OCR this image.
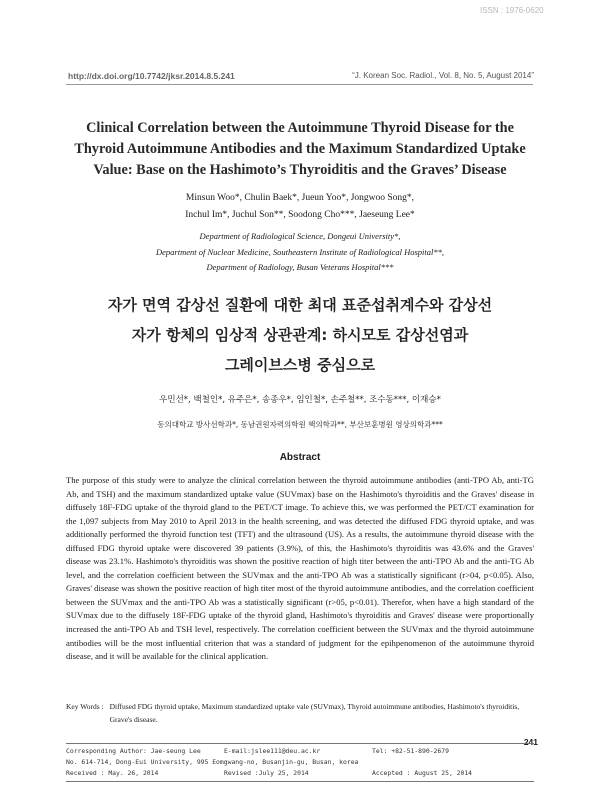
ISSN : 1976-0620
http://dx.doi.org/10.7742/jksr.2014.8.5.241	“J. Korean Soc. Radiol., Vol. 8, No. 5, August 2014”
Clinical Correlation between the Autoimmune Thyroid Disease for the Thyroid Autoimmune Antibodies and the Maximum Standardized Uptake Value: Base on the Hashimoto’s Thyroiditis and the Graves’ Disease
Minsun Woo*, Chulin Baek*, Jueun Yoo*, Jongwoo Song*,
Inchul Im*, Juchul Son**, Soodong Cho***, Jaeseung Lee*
Department of Radiological Science, Dongeui University*,
Department of Nuclear Medicine, Southeastern Institute of Radiological Hospital**,
Department of Radiology, Busan Veterans Hospital***
자가 면역 갑상선 질환에 대한 최대 표준섭취계수와 갑상선
자가 항체의 임상적 상관관계: 하시모토 갑상선염과
그레이브스병 중심으로
우민선*, 백철인*, 유주은*, 송종우*, 임인철*, 손주철**, 조수동***, 이재승*
동의대학교 방사선학과*, 동남권원자력의학원 핵의학과**, 부산보훈병원 영상의학과***
Abstract

The purpose of this study were to analyze the clinical correlation between the thyroid autoimmune antibodies (anti-TPO Ab, anti-TG Ab, and TSH) and the maximum standardized uptake value (SUVmax) base on the Hashimoto's thyroiditis and the Graves' disease in diffusely 18F-FDG uptake of the thyroid gland to the PET/CT image. To achieve this, we was performed the PET/CT examination for the 1,097 subjects from May 2010 to April 2013 in the health screening, and was detected the diffused FDG thyroid uptake, and was additionally performed the thyroid function test (TFT) and the ultrasound (US). As a results, the autoimmune thyroid disease with the diffused FDG thyroid uptake were discovered 39 patients (3.9%), of this, the Hashimoto's thyroiditis was 43.6% and the Graves' disease was 23.1%. Hashimoto's thyroiditis was shown the positive reaction of high titer between the anti-TPO Ab and the anti-TG Ab level, and the correlation coefficient between the SUVmax and the anti-TPO Ab was a statistically significant (r>04, p<0.05). Also, Graves' disease was shown the positive reaction of high titer most of the thyroid autoimmune antibodies, and the correlation coefficient between the SUVmax and the anti-TPO Ab was a statistically significant (r>05, p<0.01). Therefor, when have a high standard of the SUVmax due to the diffusely 18F-FDG uptake of the thyroid gland, Hashimoto's thyroiditis and Graves' disease were proportionally increased the anti-TPO Ab and TSH level, respectively. The correlation coefficient between the SUVmax and the thyroid autoimmune antibodies will be the most influential criterion that was a standard of judgment for the epihpenomenon of the autoimmune thyroid disease, and it will be available for the clinical application.

Key Words : Diffused FDG thyroid uptake, Maximum standardized uptake vale (SUVmax), Thyroid autoimmune antibodies, Hashimoto's thyroiditis, Grave's disease.
241
Corresponding Author: Jae-seung Lee	E-mail:jslee111@deu.ac.kr	Tel: +82-51-890-2679
No. 614-714, Dong-Eui University, 995 Eomgwang-no, Busanjin-gu, Busan, korea
Received : May. 26, 2014	Revised :July 25, 2014	Accepted : August 25, 2014
